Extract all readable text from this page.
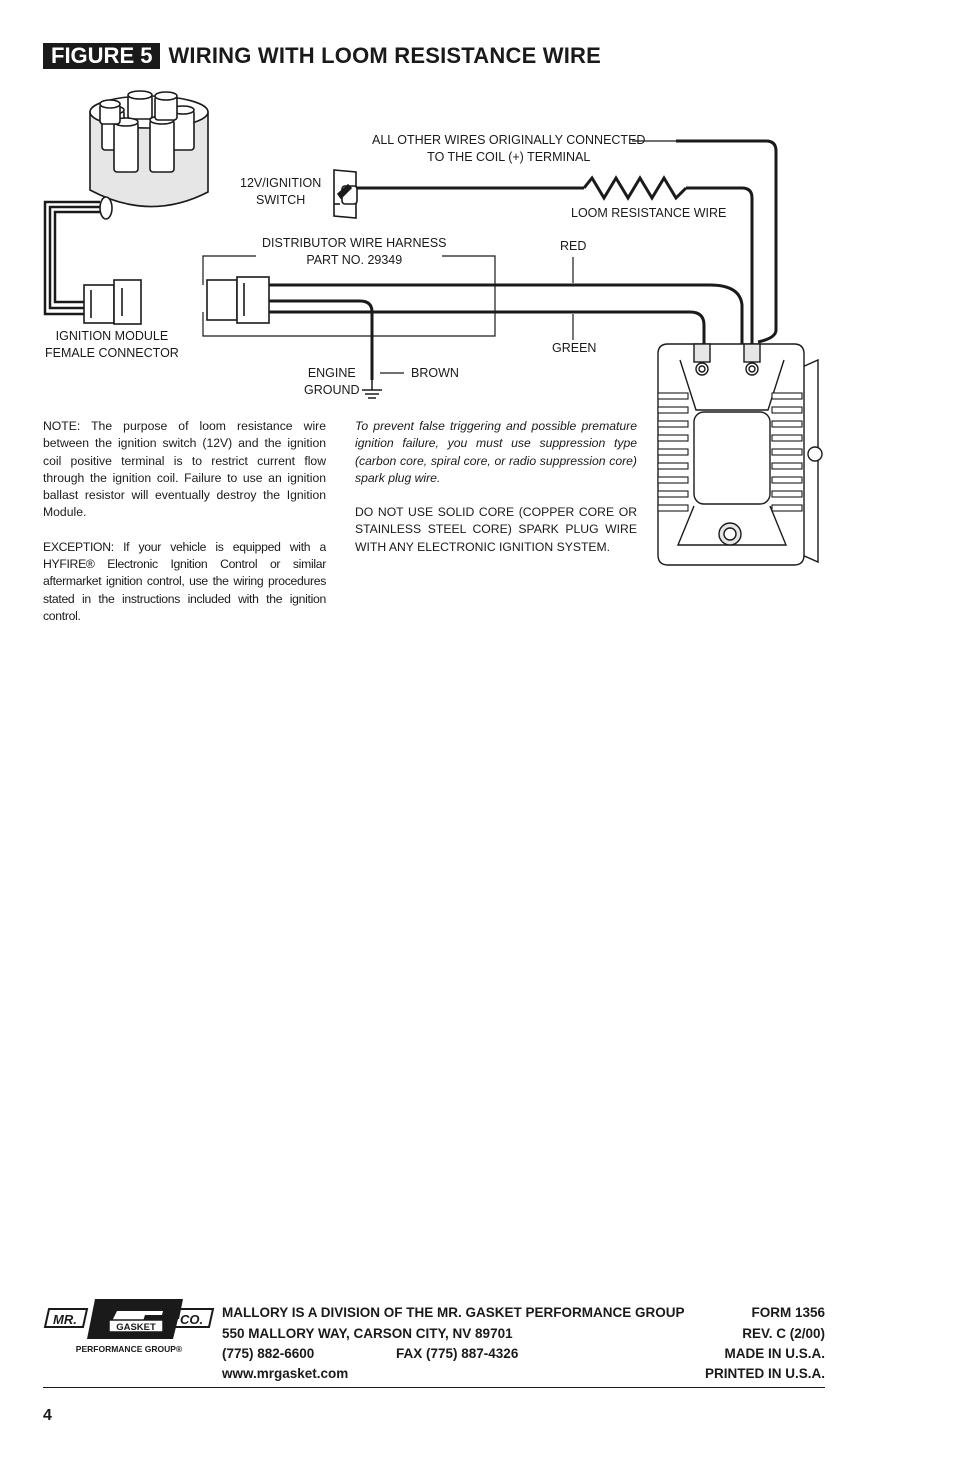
FIGURE 5 WIRING WITH LOOM RESISTANCE WIRE
ALL OTHER WIRES ORIGINALLY CONNECTED
TO THE COIL (+) TERMINAL
12V/IGNITION
SWITCH
LOOM RESISTANCE WIRE
DISTRIBUTOR WIRE HARNESS
PART NO. 29349
RED
GREEN
IGNITION MODULE
FEMALE CONNECTOR
ENGINE
GROUND
BROWN

NOTE: The purpose of loom resistance wire between the ignition switch (12V) and the ignition coil positive terminal is to restrict current flow through the ignition coil. Failure to use an ignition ballast resistor will eventually destroy the Ignition Module.

EXCEPTION: If your vehicle is equipped with a HYFIRE® Electronic Ignition Control or similar aftermarket ignition control, use the wiring procedures stated in the instructions included with the ignition control.

To prevent false triggering and possible premature ignition failure, you must use suppression type (carbon core, spiral core, or radio suppression core) spark plug wire.

DO NOT USE SOLID CORE (COPPER CORE OR STAINLESS STEEL CORE) SPARK PLUG WIRE WITH ANY ELECTRONIC IGNITION SYSTEM.

MR.	CO.
GASKET
PERFORMANCE GROUP®
MALLORY IS A DIVISION OF THE MR. GASKET PERFORMANCE GROUP
550 MALLORY WAY, CARSON CITY, NV 89701
(775) 882-6600	FAX (775) 887-4326
www.mrgasket.com
FORM 1356
REV. C (2/00)
MADE IN U.S.A.
PRINTED IN U.S.A.
4
